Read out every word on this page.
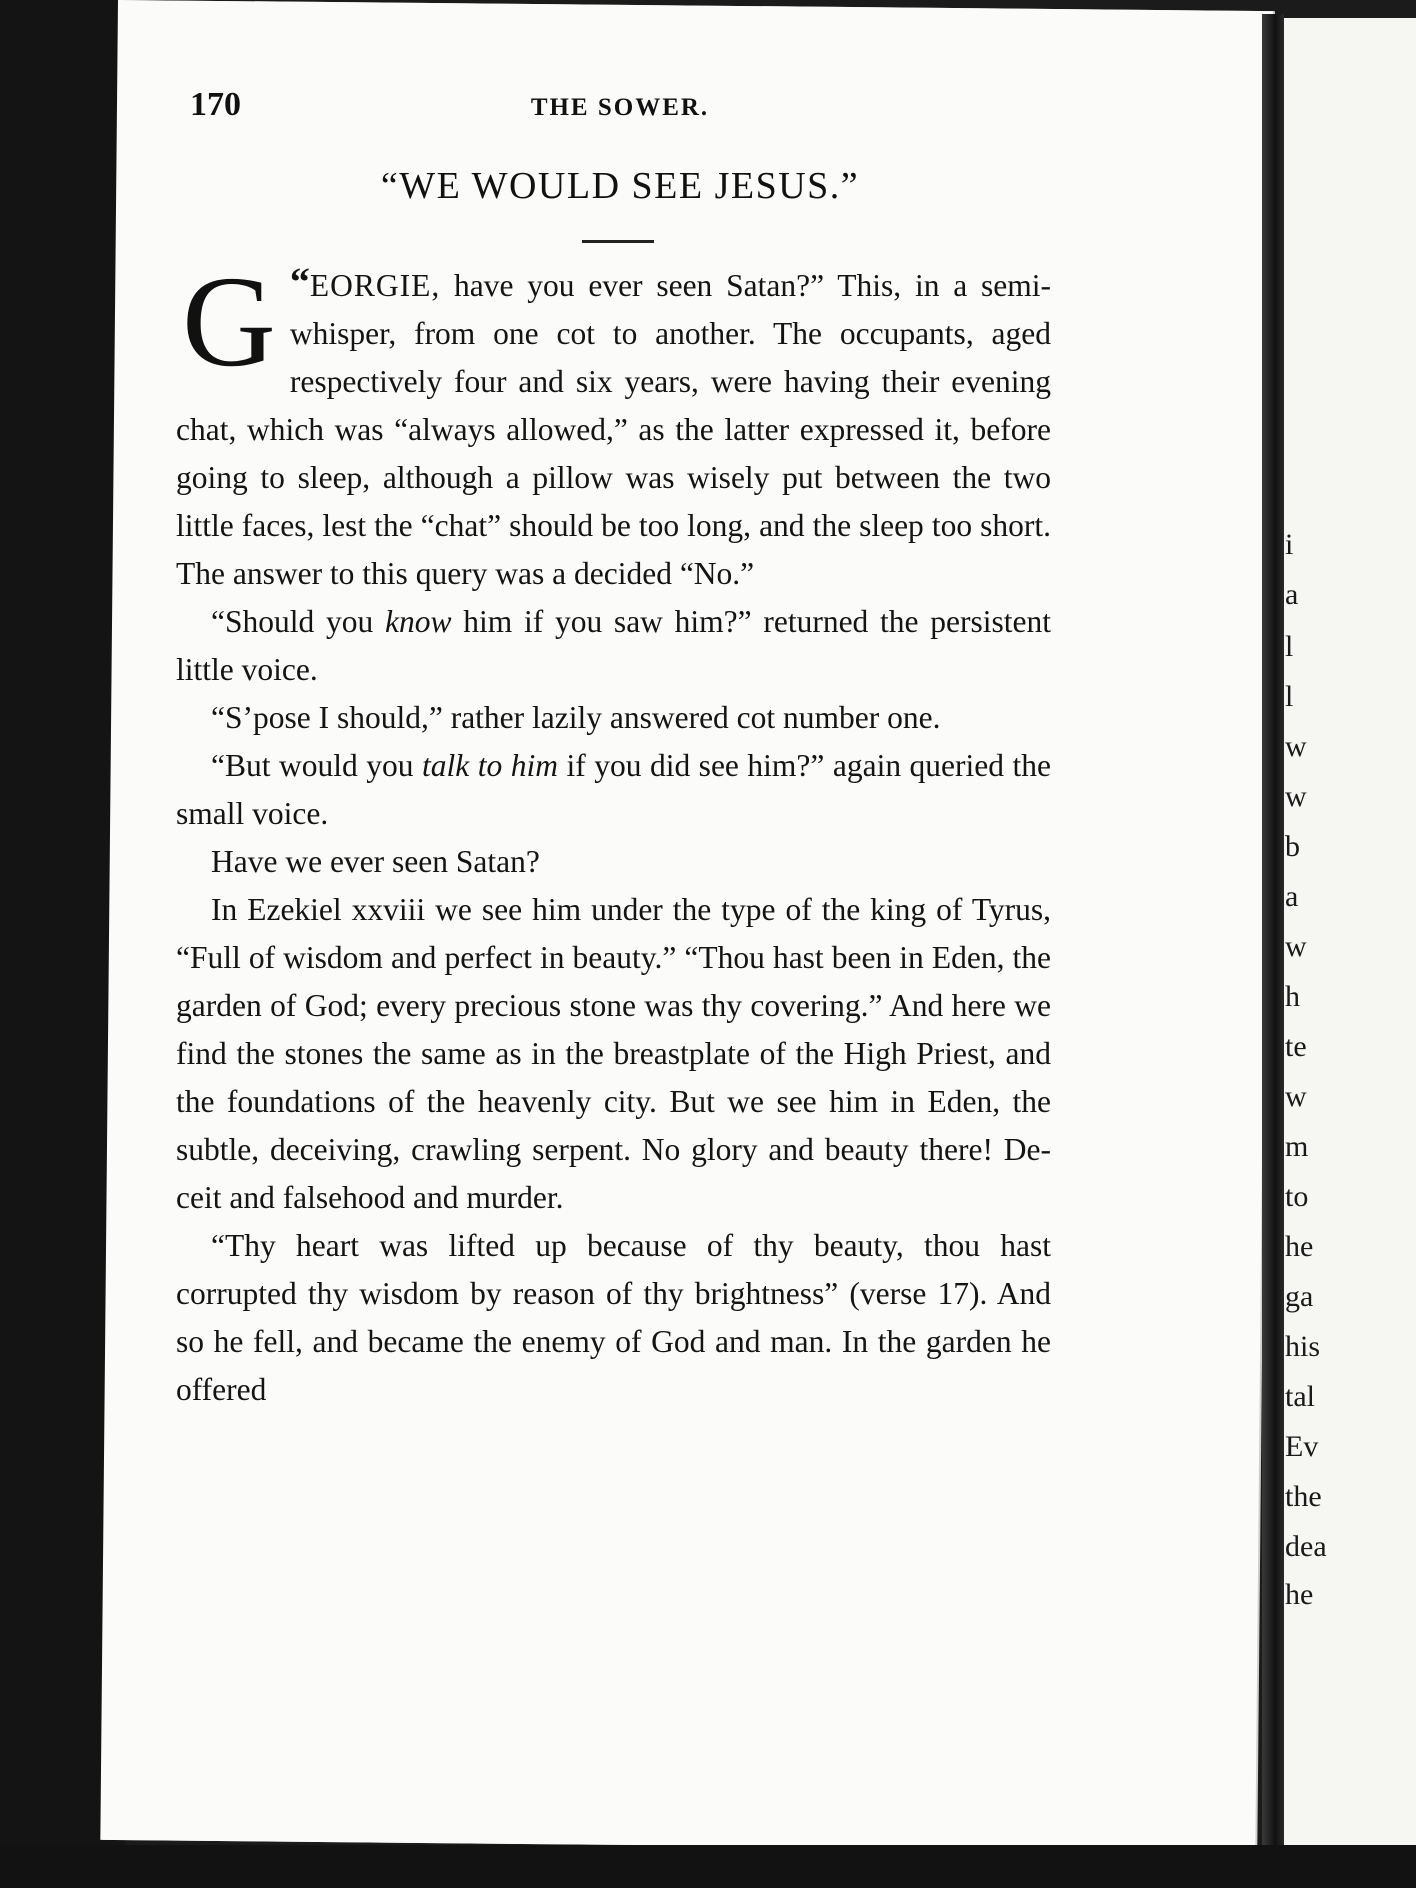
170	THE SOWER.
“WE WOULD SEE JESUS.”

“
G EORGIE, have you ever seen Satan?” This, in a semi-whisper, from one cot to another. The occupants, aged respectively four and six years, were having their evening chat, which was “always allowed,” as the latter expressed it, before going to sleep, although a pillow was wisely put between the two little faces, lest the “chat” should be too long, and the sleep too short. The answer to this query was a decided “No.”

“Should you know him if you saw him?” returned the persistent little voice.

“S’pose I should,” rather lazily answered cot number one.

“But would you talk to him if you did see him?” again queried the small voice.

Have we ever seen Satan?

In Ezekiel xxviii we see him under the type of the king of Tyrus, “Full of wisdom and perfect in beauty.” “Thou hast been in Eden, the garden of God; every precious stone was thy covering.” And here we find the stones the same as in the breastplate of the High Priest, and the foundations of the heavenly city. But we see him in Eden, the subtle, deceiving, crawling serpent. No glory and beauty there! Deceit and falsehood and murder.

“Thy heart was lifted up because of thy beauty, thou hast corrupted thy wisdom by reason of thy brightness” (verse 17). And so he fell, and became the enemy of God and man. In the garden he offered

i
a
l
l
w
w
b
a
w
h
te
w
m
to
he
ga
his
tal
Ev
the
dea
he
